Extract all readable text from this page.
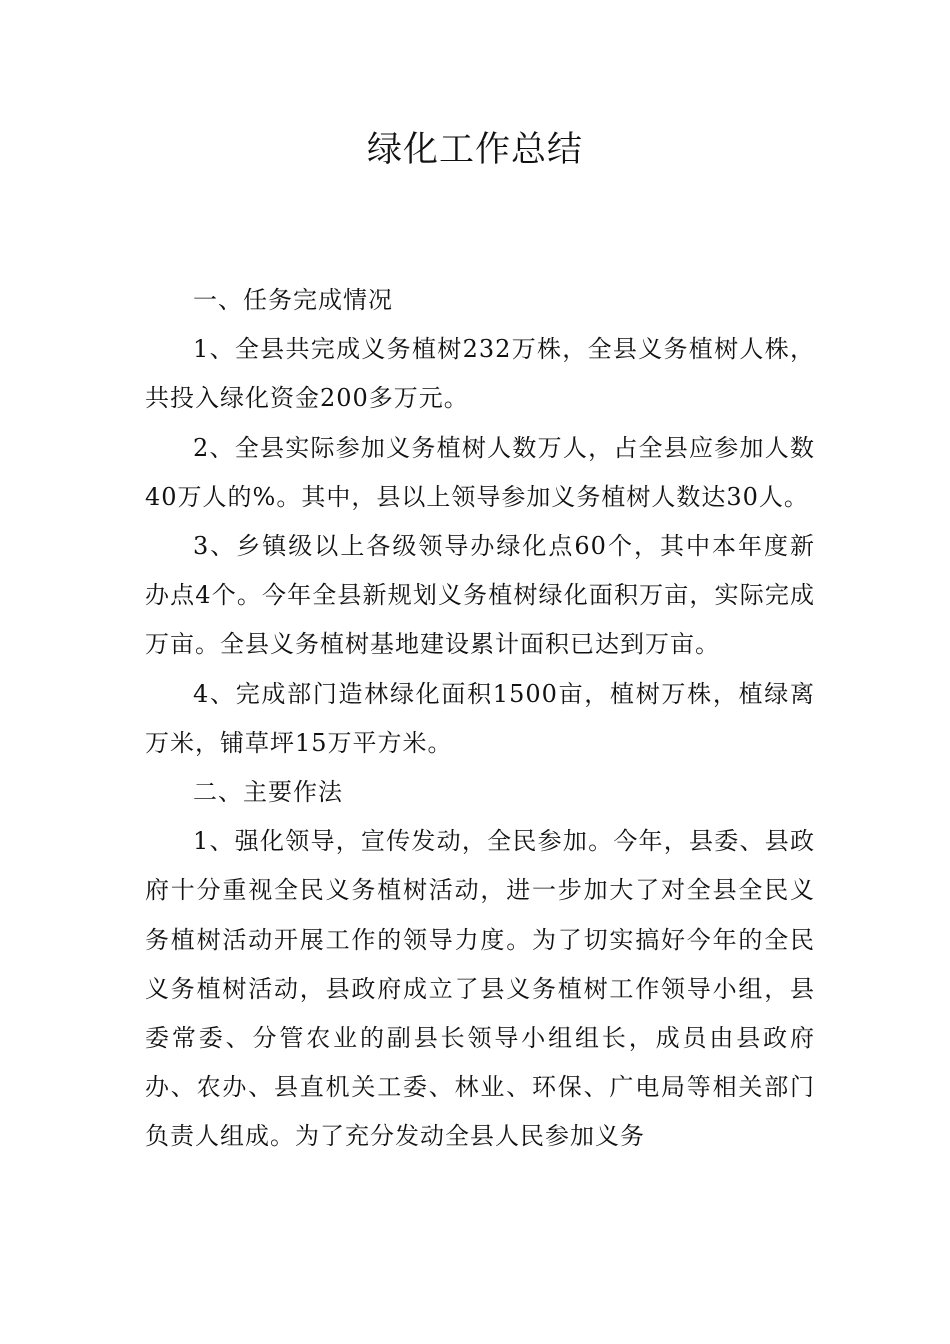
绿化工作总结

一、任务完成情况

1、全县共完成义务植树232万株，全县义务植树人株，共投入绿化资金200多万元。

2、全县实际参加义务植树人数万人，占全县应参加人数40万人的%。其中，县以上领导参加义务植树人数达30人。

3、乡镇级以上各级领导办绿化点60个，其中本年度新办点4个。今年全县新规划义务植树绿化面积万亩，实际完成万亩。全县义务植树基地建设累计面积已达到万亩。

4、完成部门造林绿化面积1500亩，植树万株，植绿离万米，铺草坪15万平方米。

二、主要作法

1、强化领导，宣传发动，全民参加。今年，县委、县政府十分重视全民义务植树活动，进一步加大了对全县全民义务植树活动开展工作的领导力度。为了切实搞好今年的全民义务植树活动，县政府成立了县义务植树工作领导小组，县委常委、分管农业的副县长领导小组组长，成员由县政府办、农办、县直机关工委、林业、环保、广电局等相关部门负责人组成。为了充分发动全县人民参加义务
